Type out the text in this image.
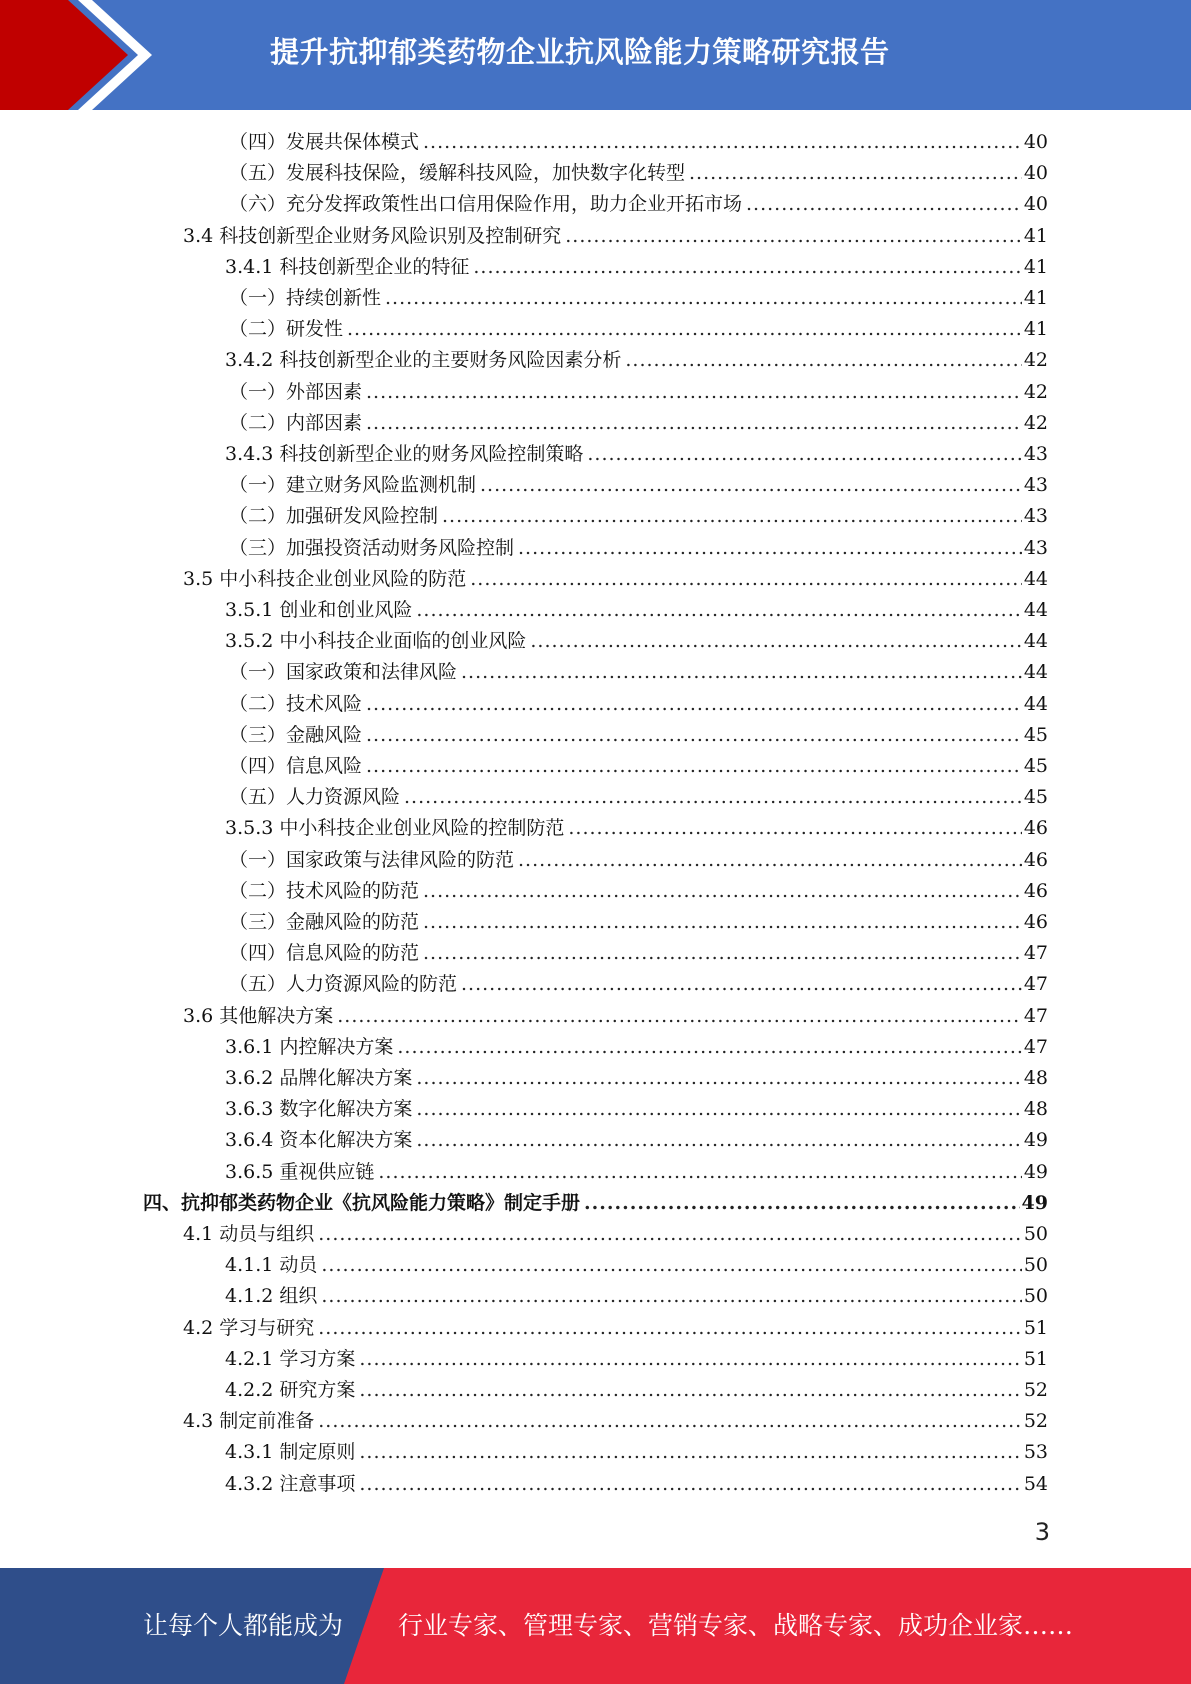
提升抗抑郁类药物企业抗风险能力策略研究报告
（四）发展共保体模式 .....	40
（五）发展科技保险，缓解科技风险，加快数字化转型 .....	40
（六）充分发挥政策性出口信用保险作用，助力企业开拓市场 .....	40
3.4 科技创新型企业财务风险识别及控制研究 .....	41
3.4.1 科技创新型企业的特征 .....	41
（一）持续创新性 .....	41
（二）研发性 .....	41
3.4.2 科技创新型企业的主要财务风险因素分析 .....	42
（一）外部因素 .....	42
（二）内部因素 .....	42
3.4.3 科技创新型企业的财务风险控制策略 .....	43
（一）建立财务风险监测机制 .....	43
（二）加强研发风险控制 .....	43
（三）加强投资活动财务风险控制 .....	43
3.5 中小科技企业创业风险的防范 .....	44
3.5.1 创业和创业风险 .....	44
3.5.2 中小科技企业面临的创业风险 .....	44
（一）国家政策和法律风险 .....	44
（二）技术风险 .....	44
（三）金融风险 .....	45
（四）信息风险 .....	45
（五）人力资源风险 .....	45
3.5.3 中小科技企业创业风险的控制防范 .....	46
（一）国家政策与法律风险的防范 .....	46
（二）技术风险的防范 .....	46
（三）金融风险的防范 .....	46
（四）信息风险的防范 .....	47
（五）人力资源风险的防范 .....	47
3.6 其他解决方案 .....	47
3.6.1 内控解决方案 .....	47
3.6.2 品牌化解决方案 .....	48
3.6.3 数字化解决方案 .....	48
3.6.4 资本化解决方案 .....	49
3.6.5 重视供应链 .....	49
四、抗抑郁类药物企业《抗风险能力策略》制定手册 .....	49
4.1 动员与组织 .....	50
4.1.1 动员 .....	50
4.1.2 组织 .....	50
4.2 学习与研究 .....	51
4.2.1 学习方案 .....	51
4.2.2 研究方案 .....	52
4.3 制定前准备 .....	52
4.3.1 制定原则 .....	53
4.3.2 注意事项 .....	54
3
让每个人都能成为 行业专家、管理专家、营销专家、战略专家、成功企业家……
